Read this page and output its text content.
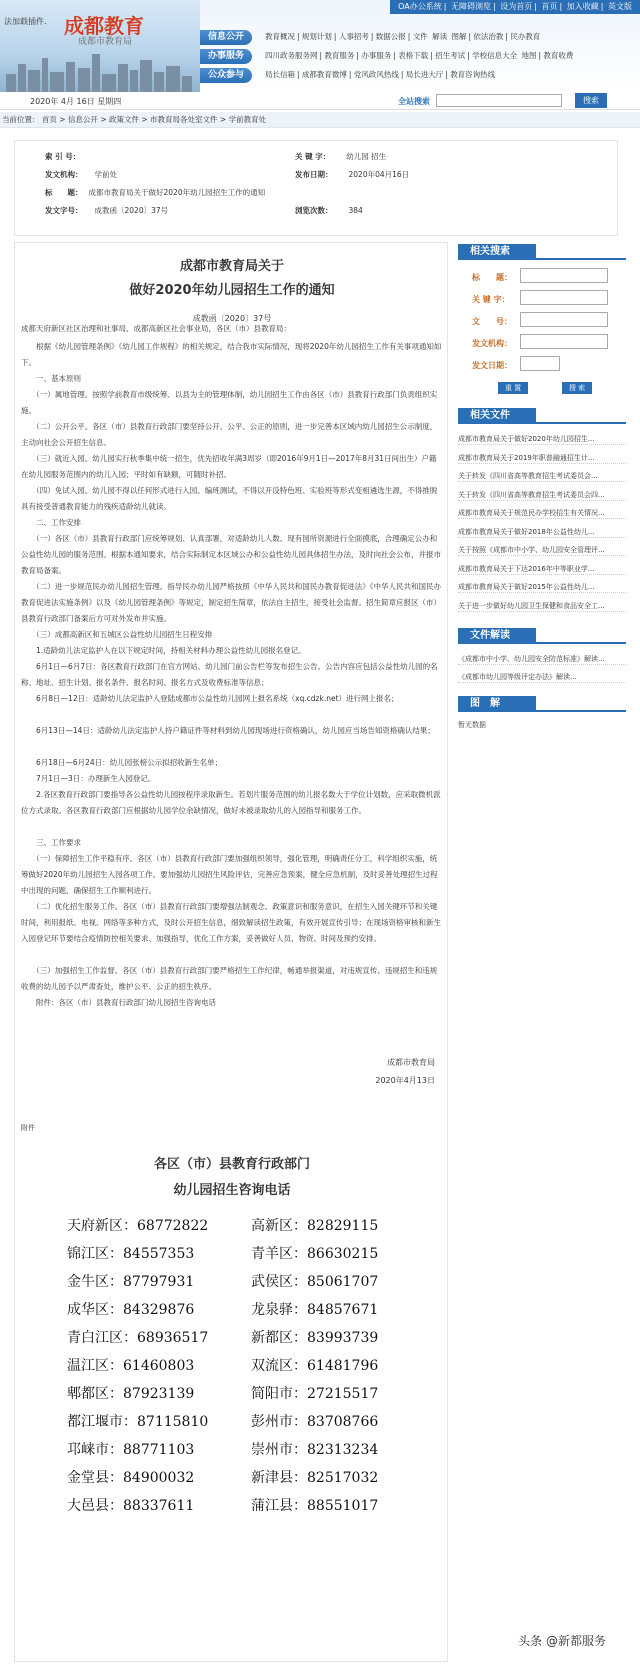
法加载插件. 成都教育
成都市教育局
OA办公系统 | 无障碍浏览 | 设为首页 | 首页 | 加入收藏 | 英文版
信息公开
办事服务
公众参与
教育概况 | 规划计划 | 人事招考 | 数据公报 | 文件 解读 图解 | 依法治教 | 民办教育
四川政务服务网 | 教育服务 | 办事服务 | 表格下载 | 招生考试 | 学校信息大全 地图 | 教育收费
局长信箱 | 成都教育微博 | 党风政风热线 | 局长进大厅 | 教育咨询热线
2020年 4月 16日 星期四	全站搜索	搜索
当前位置： 首页 > 信息公开 > 政策文件 > 市教育局各处室文件 > 学前教育处
索 引 号：	关 键 字： 幼儿园 招生
发文机构： 学前处	发布日期： 2020年04月16日
标　　题： 成都市教育局关于做好2020年幼儿园招生工作的通知
发文字号： 成教函〔2020〕37号	浏览次数： 384
成都市教育局关于
做好2020年幼儿园招生工作的通知
成教函〔2020〕37号
成都天府新区社区治理和社事局、成都高新区社会事业局，各区（市）县教育局：
　　根据《幼儿园管理条例》《幼儿园工作规程》的相关规定，结合我市实际情况，现将2020年幼儿园招生工作有关事项通知如下。
　　一、基本原则
　　（一）属地管理。按照学前教育市级统筹、以县为主的管理体制，幼儿园招生工作由各区（市）县教育行政部门负责组织实施。
　　（二）公开公平。各区（市）县教育行政部门要坚持公开、公平、公正的原则，进一步完善本区域内幼儿园招生公示制度，主动向社会公开招生信息。
　　（三）就近入园。幼儿园实行秋季集中统一招生，优先招收年满3周岁（即2016年9月1日—2017年8月31日间出生）户籍在幼儿园服务范围内的幼儿入园；平时如有缺额，可随时补招。
　　（四）免试入园。幼儿园不得以任何形式进行入园、编班测试，不得以开设特色班、实验班等形式变相遴选生源，不得推脱具有接受普通教育能力的残疾适龄幼儿就读。
　　二、工作安排
　　（一）各区（市）县教育行政部门应统筹规划、认真部署，对适龄幼儿人数、现有园所资源进行全面摸底，合理确定公办和公益性幼儿园的服务范围。根据本通知要求，结合实际制定本区域公办和公益性幼儿园具体招生办法，及时向社会公布，并报市教育局备案。
　　（二）进一步规范民办幼儿园招生管理。指导民办幼儿园严格按照《中华人民共和国民办教育促进法》《中华人民共和国民办教育促进法实施条例》以及《幼儿园管理条例》等规定，制定招生简章，依法自主招生，接受社会监督。招生简章应报区（市）县教育行政部门备案后方可对外发布并实施。
　　（三）成都高新区和五城区公益性幼儿园招生日程安排
　　1.适龄幼儿法定监护人在以下规定时间，持相关材料办理公益性幼儿园报名登记。
　　6月1日—6月7日：各区教育行政部门在官方网站、幼儿园门前公告栏等发布招生公告。公告内容应包括公益性幼儿园的名称、地址、招生计划、报名条件、报名时间、报名方式及收费标准等信息；
　　6月8日—12日：适龄幼儿法定监护人登陆成都市公益性幼儿园网上报名系统（xq.cdzk.net）进行网上报名；
　　6月13日—14日：适龄幼儿法定监护人持户籍证件等材料到幼儿园现场进行资格确认，幼儿园应当场告知资格确认结果；
　　6月18日—6月24日：幼儿园张榜公示拟招收新生名单；
　　7月1日—3日：办理新生入园登记。
　　2.各区教育行政部门要指导各公益性幼儿园按程序录取新生。若划片服务范围的幼儿报名数大于学位计划数，应采取微机派位方式录取。各区教育行政部门应根据幼儿园学位余缺情况，做好未被录取幼儿的入园指导和服务工作。
　　三、工作要求
　　（一）保障招生工作平稳有序。各区（市）县教育行政部门要加强组织领导，强化管理，明确责任分工，科学组织实施，统筹做好2020年幼儿园招生入园各项工作。要加强幼儿园招生风险评估，完善应急预案，健全应急机制，及时妥善处理招生过程中出现的问题，确保招生工作顺利进行。
　　（二）优化招生服务工作。各区（市）县教育行政部门要增强法制观念、政策意识和服务意识，在招生入园关键环节和关键时间，利用报纸、电视、网络等多种方式，及时公开招生信息，细致解读招生政策，有效开展宣传引导；在现场资格审核和新生入园登记环节要结合疫情防控相关要求、加强指导，优化工作方案，妥善做好人员、物资、时间及预约安排。
　　（三）加强招生工作监督。各区（市）县教育行政部门要严格招生工作纪律，畅通举报渠道，对违规宣传、违规招生和违规收费的幼儿园予以严肃查处，维护公平、公正的招生秩序。
　　附件：各区（市）县教育行政部门幼儿园招生咨询电话
成都市教育局
2020年4月13日
附件
各区（市）县教育行政部门
幼儿园招生咨询电话
天府新区：68772822	高新区：82829115
锦江区：84557353	青羊区：86630215
金牛区：87797931	武侯区：85061707
成华区：84329876	龙泉驿：84857671
青白江区：68936517	新都区：83993739
温江区：61460803	双流区：61481796
郫都区：87923139	简阳市：27215517
都江堰市：87115810	彭州市：83708766
邛崃市：88771103	崇州市：82313234
金堂县：84900032	新津县：82517032
大邑县：88337611	蒲江县：88551017
相关搜索
标　　题：
关 键 字：
文　　号：
发文机构：
发文日期：
重 置	搜 索
相关文件
成都市教育局关于做好2020年幼儿园招生...
成都市教育局关于2019年职普融通招生计...
关于转发《四川省高等教育招生考试委员会...
关于转发《四川省高等教育招生考试委员会四...
成都市教育局关于规范民办学校招生有关情况...
成都市教育局关于做好2018年公益性幼儿...
关于按照《成都市中小学、幼儿园安全管理评...
成都市教育局关于下达2016年中等职业学...
成都市教育局关于做好2015年公益性幼儿...
关于进一步做好幼儿园卫生保健和食品安全工...
文件解读
《成都市中小学、幼儿园安全防范标准》解读...
《成都市幼儿园等级评定办法》解读...
图　解
暂无数据
头条 @新都服务
